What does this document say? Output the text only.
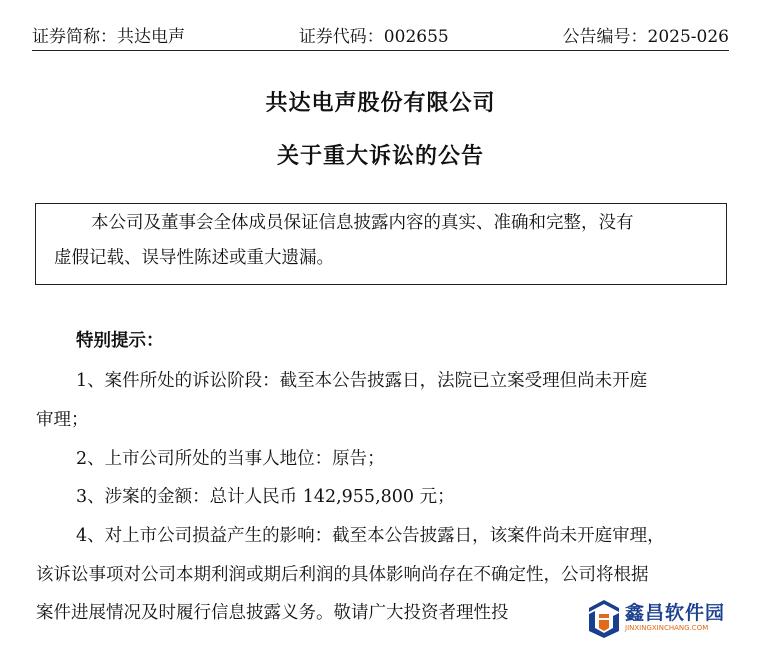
证券简称：共达电声	证券代码：002655	公告编号：2025-026
共达电声股份有限公司
关于重大诉讼的公告
本公司及董事会全体成员保证信息披露内容的真实、准确和完整，没有
虚假记载、误导性陈述或重大遗漏。
特别提示：
1、案件所处的诉讼阶段：截至本公告披露日，法院已立案受理但尚未开庭
审理；
2、上市公司所处的当事人地位：原告；
3、涉案的金额：总计人民币 142,955,800 元；
4、对上市公司损益产生的影响：截至本公告披露日，该案件尚未开庭审理，
该诉讼事项对公司本期利润或期后利润的具体影响尚存在不确定性，公司将根据
案件进展情况及时履行信息披露义务。敬请广大投资者理性投	鑫昌软件园
JINXINGXINCHANG.COM
